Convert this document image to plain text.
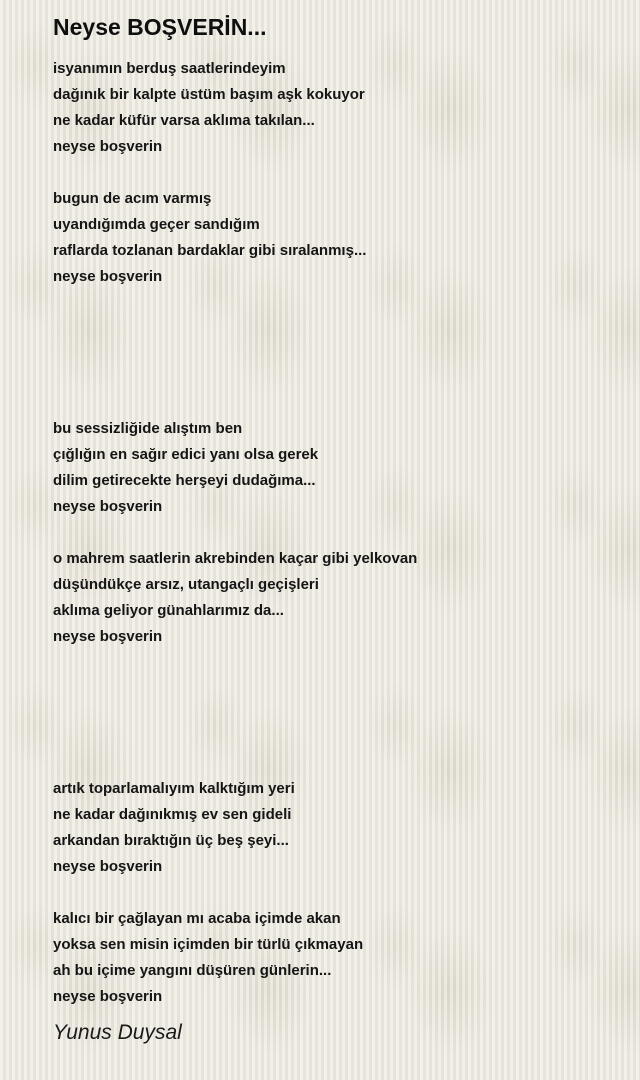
Neyse BOŞVERİN...
isyanımın berduş saatlerindeyim
dağınık bir kalpte üstüm başım aşk kokuyor
ne kadar küfür varsa aklıma takılan...
neyse boşverin
bugun de acım varmış
uyandığımda geçer sandığım
raflarda tozlanan bardaklar gibi sıralanmış...
neyse boşverin
bu sessizliğide alıştım ben
çığlığın en sağır edici yanı olsa gerek
dilim getirecekte herşeyi dudağıma...
neyse boşverin
o mahrem saatlerin akrebinden kaçar gibi yelkovan
düşündükçe arsız, utangaçlı geçişleri
aklıma geliyor günahlarımız da...
neyse boşverin
artık toparlamalıyım kalktığım yeri
ne kadar dağınıkmış ev sen gideli
arkandan bıraktığın üç beş şeyi...
neyse boşverin
kalıcı bir çağlayan mı acaba içimde akan
yoksa sen misin içimden bir türlü çıkmayan
ah bu içime yangını düşüren günlerin...
neyse boşverin
Yunus Duysal
